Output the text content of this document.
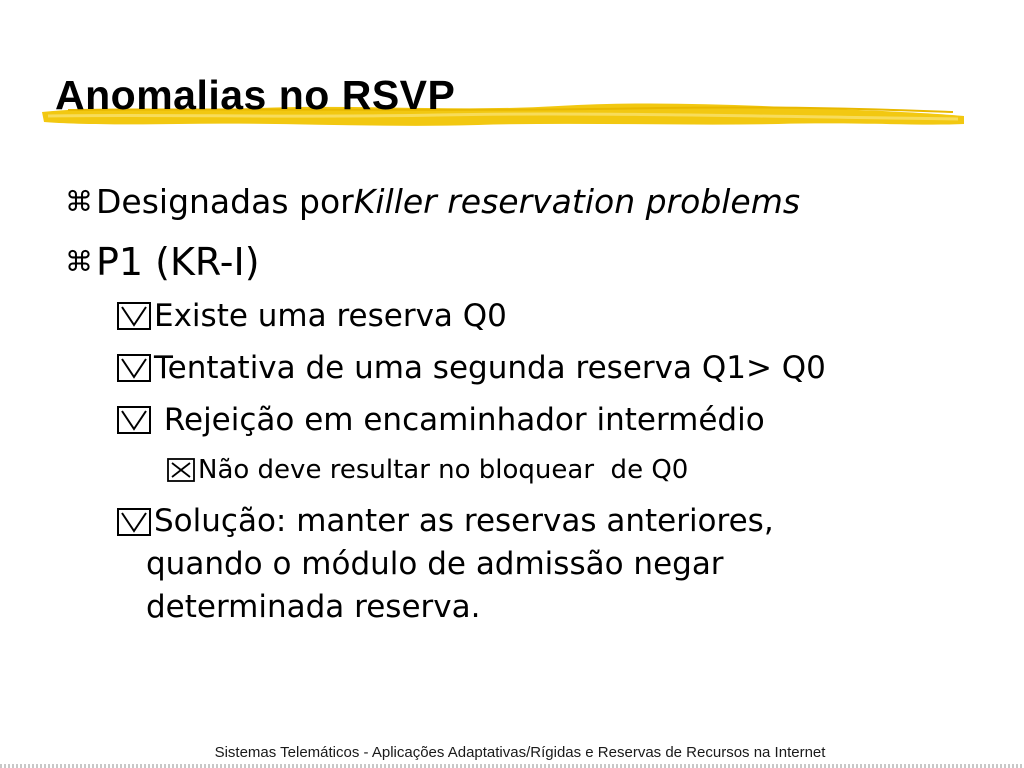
Anomalias no RSVP
⌘ Designadas por Killer reservation problems
⌘ P1 (KR-I)
Existe uma reserva Q0
Tentativa de uma segunda reserva Q1> Q0
Rejeição em encaminhador intermédio
Não deve resultar no bloquear  de Q0
Solução: manter as reservas anteriores,
quando o módulo de admissão negar
determinada reserva.
Sistemas Telemáticos - Aplicações Adaptativas/Rígidas e Reservas de Recursos na Internet
